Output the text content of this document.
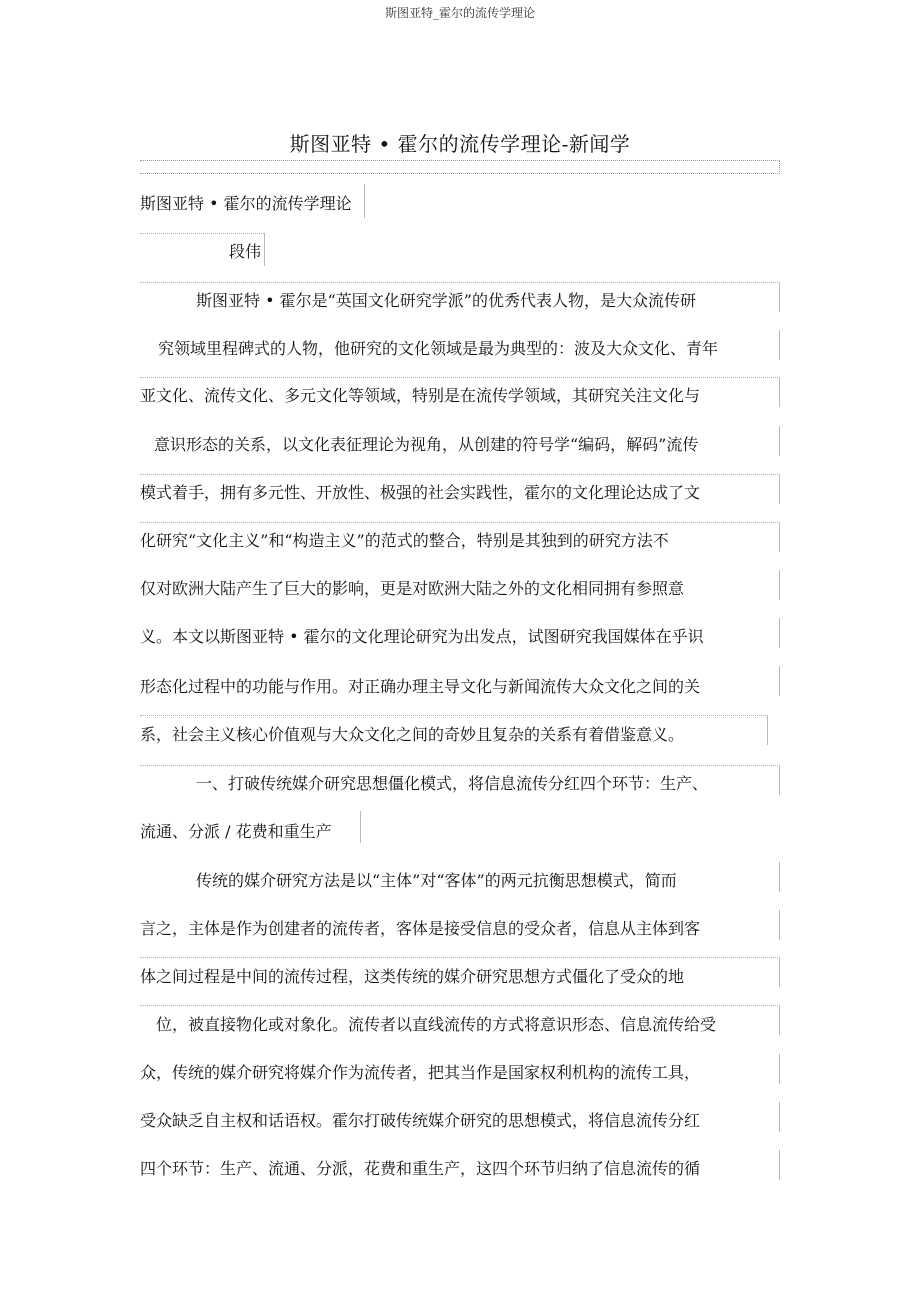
斯图亚特_霍尔的流传学理论
斯图亚特 • 霍尔的流传学理论-新闻学
斯图亚特 • 霍尔的流传学理论
段伟
斯图亚特 • 霍尔是“英国文化研究学派”的优秀代表人物，是大众流传研
究领域里程碑式的人物，他研究的文化领域是最为典型的：波及大众文化、青年
亚文化、流传文化、多元文化等领域，特别是在流传学领域，其研究关注文化与
意识形态的关系，以文化表征理论为视角，从创建的符号学“编码，解码”流传
模式着手，拥有多元性、开放性、极强的社会实践性，霍尔的文化理论达成了文
化研究“文化主义”和“构造主义”的范式的整合，特别是其独到的研究方法不
仅对欧洲大陆产生了巨大的影响，更是对欧洲大陆之外的文化相同拥有参照意
义。本文以斯图亚特 • 霍尔的文化理论研究为出发点，试图研究我国媒体在乎识
形态化过程中的功能与作用。对正确办理主导文化与新闻流传大众文化之间的关
系，社会主义核心价值观与大众文化之间的奇妙且复杂的关系有着借鉴意义。
一、打破传统媒介研究思想僵化模式，将信息流传分红四个环节：生产、
流通、分派 / 花费和重生产
传统的媒介研究方法是以“主体”对“客体”的两元抗衡思想模式，简而
言之，主体是作为创建者的流传者，客体是接受信息的受众者，信息从主体到客
体之间过程是中间的流传过程，这类传统的媒介研究思想方式僵化了受众的地
位，被直接物化或对象化。流传者以直线流传的方式将意识形态、信息流传给受
众，传统的媒介研究将媒介作为流传者，把其当作是国家权利机构的流传工具，
受众缺乏自主权和话语权。霍尔打破传统媒介研究的思想模式，将信息流传分红
四个环节：生产、流通、分派，花费和重生产，这四个环节归纳了信息流传的循
